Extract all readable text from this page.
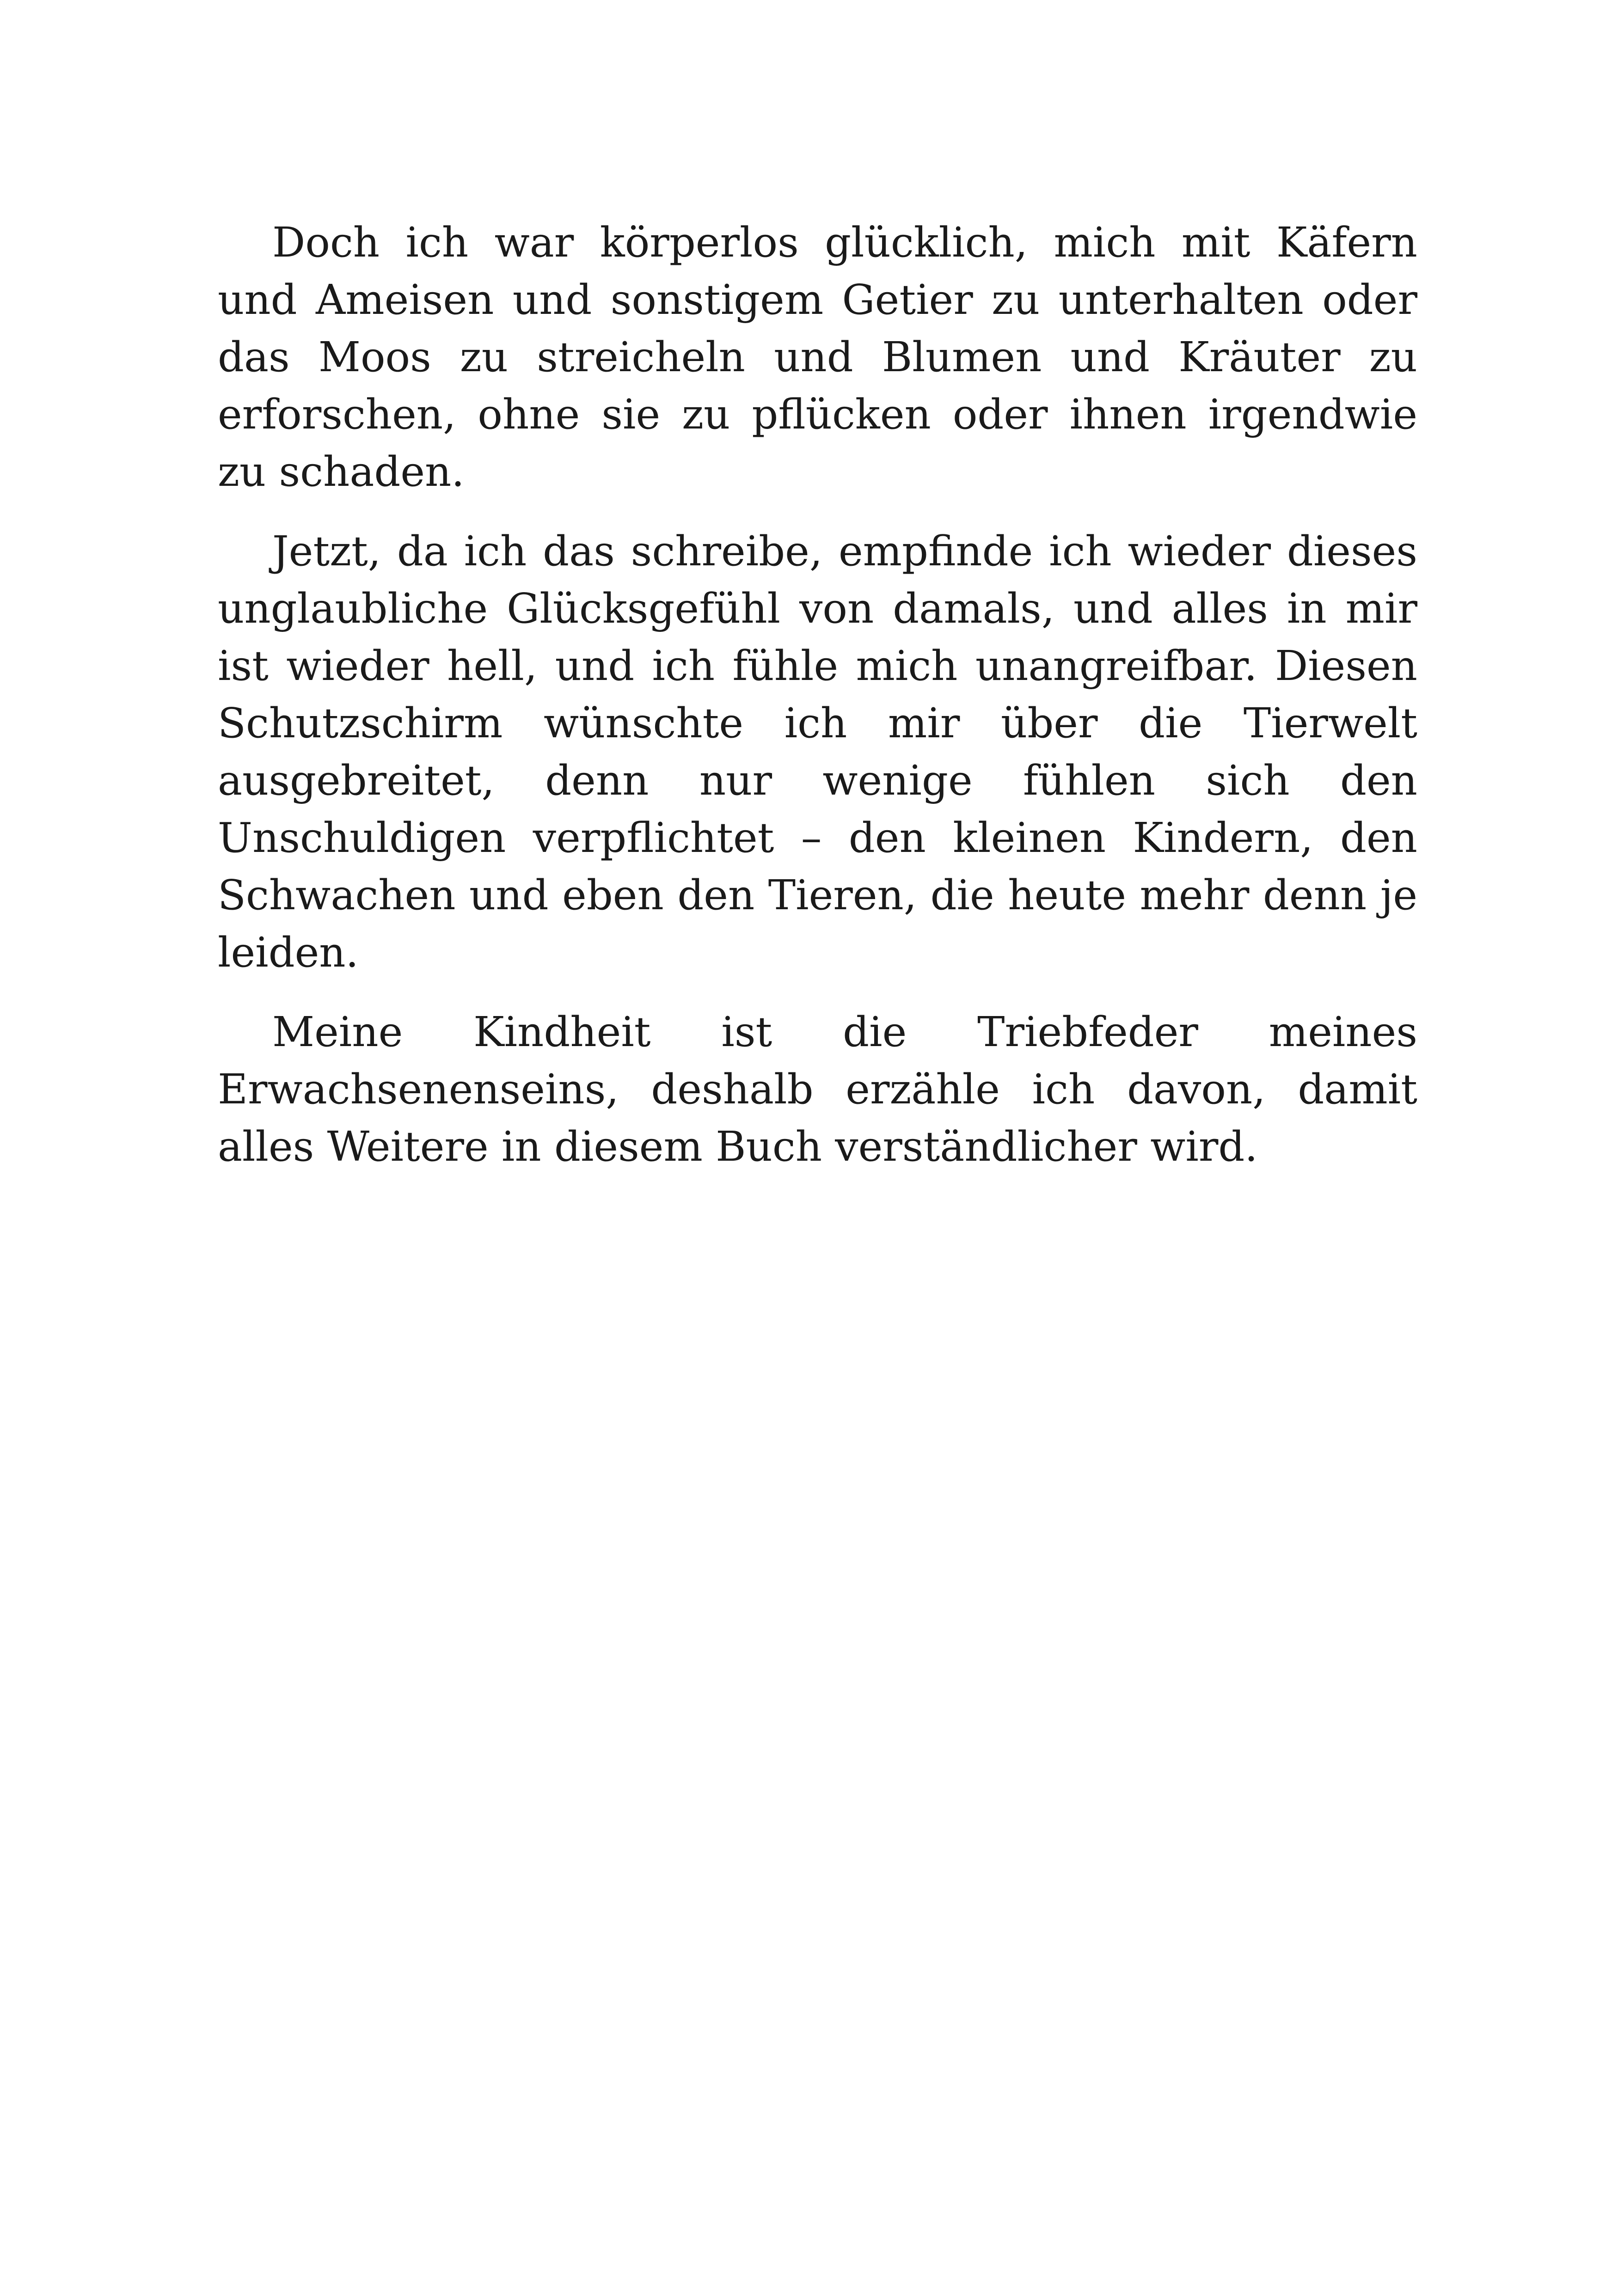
Doch ich war körperlos glücklich, mich mit Käfern und Ameisen und sonstigem Getier zu unterhalten oder das Moos zu streicheln und Blumen und Kräuter zu erforschen, ohne sie zu pflücken oder ihnen irgendwie zu schaden.

Jetzt, da ich das schreibe, empfinde ich wieder dieses unglaubliche Glücksgefühl von damals, und alles in mir ist wieder hell, und ich fühle mich unangreifbar. Diesen Schutzschirm wünschte ich mir über die Tierwelt ausgebreitet, denn nur wenige fühlen sich den Unschuldigen verpflichtet – den kleinen Kindern, den Schwachen und eben den Tieren, die heute mehr denn je leiden.

Meine Kindheit ist die Triebfeder meines Erwachsenenseins, deshalb erzähle ich davon, damit alles Weitere in diesem Buch verständlicher wird.
